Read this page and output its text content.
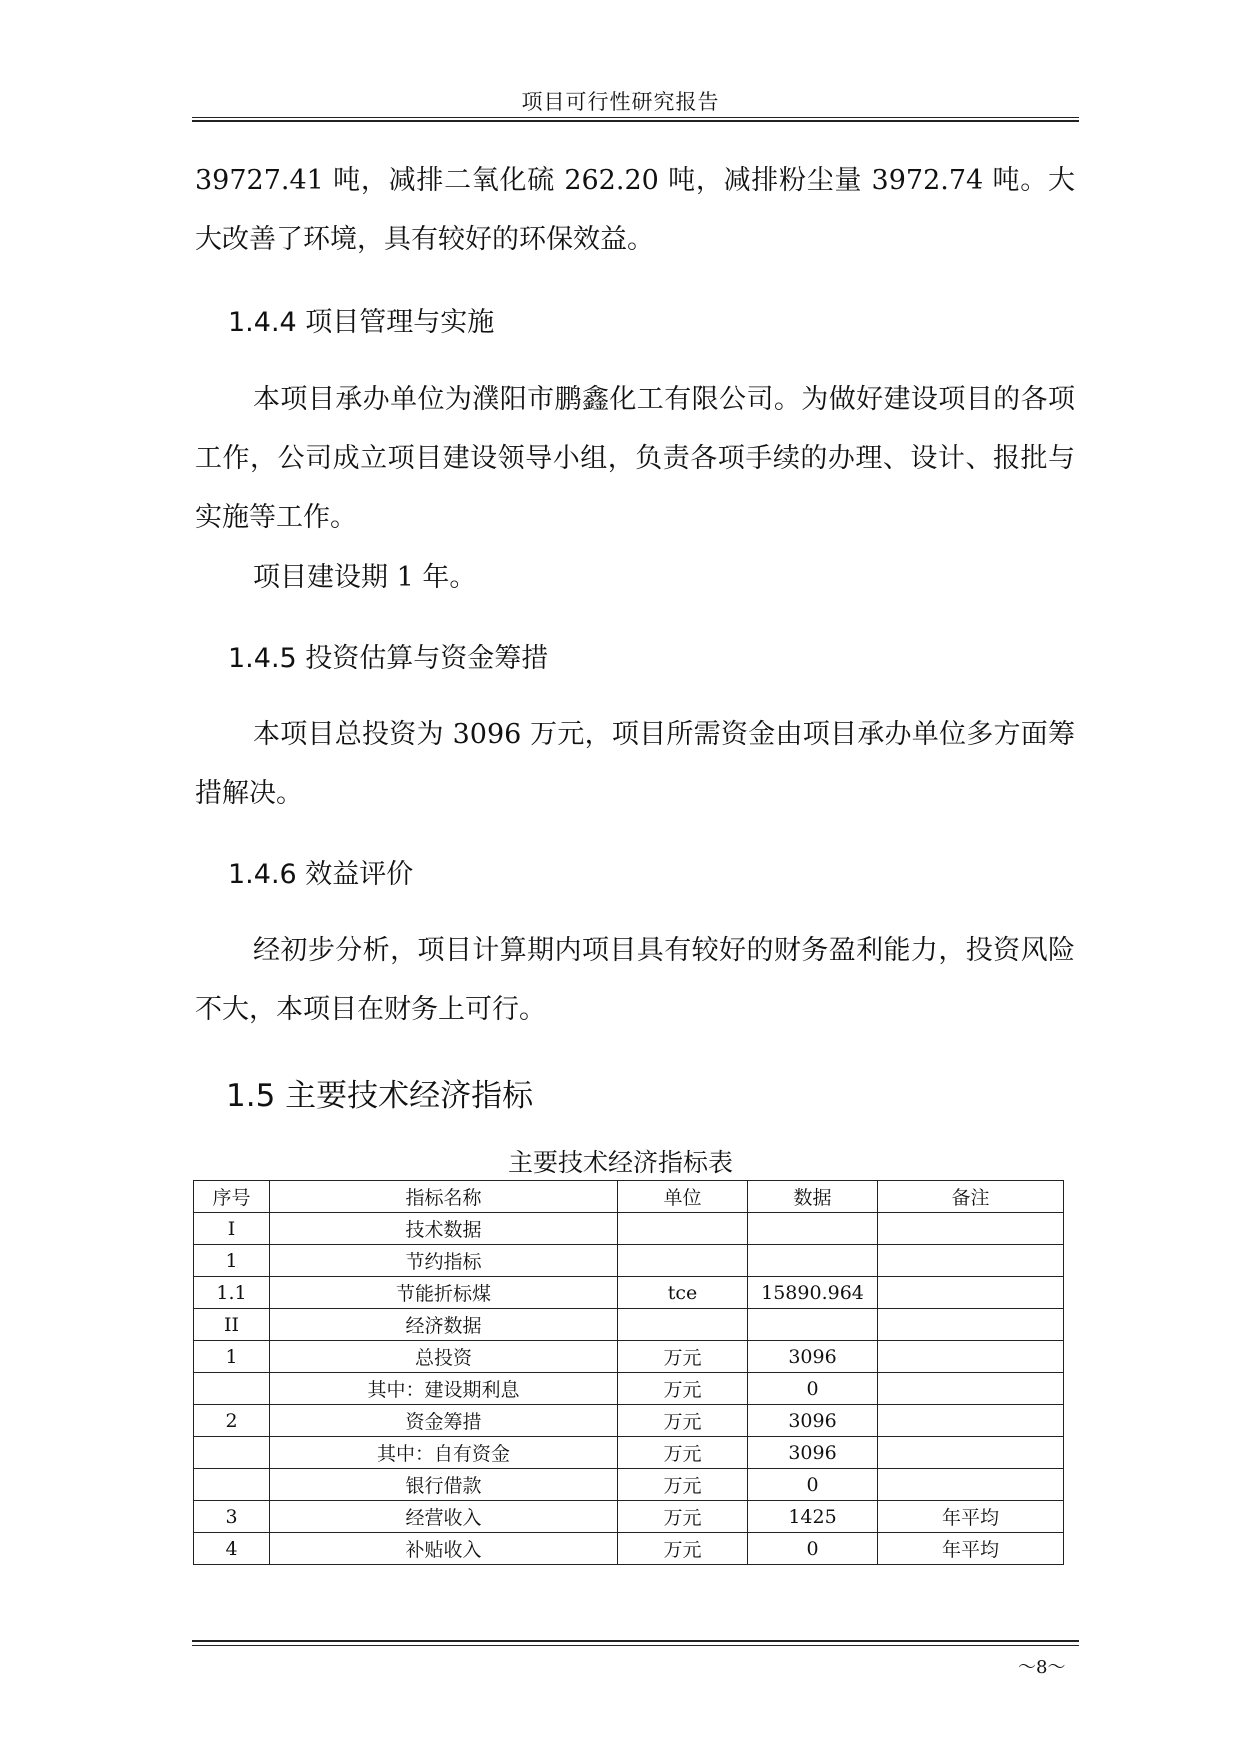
项目可行性研究报告
39727.41 吨，减排二氧化硫 262.20 吨，减排粉尘量 3972.74 吨。大大改善了环境，具有较好的环保效益。
1.4.4 项目管理与实施
本项目承办单位为濮阳市鹏鑫化工有限公司。为做好建设项目的各项工作，公司成立项目建设领导小组，负责各项手续的办理、设计、报批与实施等工作。
项目建设期 1 年。
1.4.5 投资估算与资金筹措
本项目总投资为 3096 万元，项目所需资金由项目承办单位多方面筹措解决。
1.4.6 效益评价
经初步分析，项目计算期内项目具有较好的财务盈利能力，投资风险不大，本项目在财务上可行。
1.5 主要技术经济指标
主要技术经济指标表
序号	指标名称	单位	数据	备注
I	技术数据			
1	节约指标			
1.1	节能折标煤	tce	15890.964	
II	经济数据			
1	总投资	万元	3096	
	其中：建设期利息	万元	0	
2	资金筹措	万元	3096	
	其中：自有资金	万元	3096	
	银行借款	万元	0	
3	经营收入	万元	1425	年平均
4	补贴收入	万元	0	年平均
～8～
